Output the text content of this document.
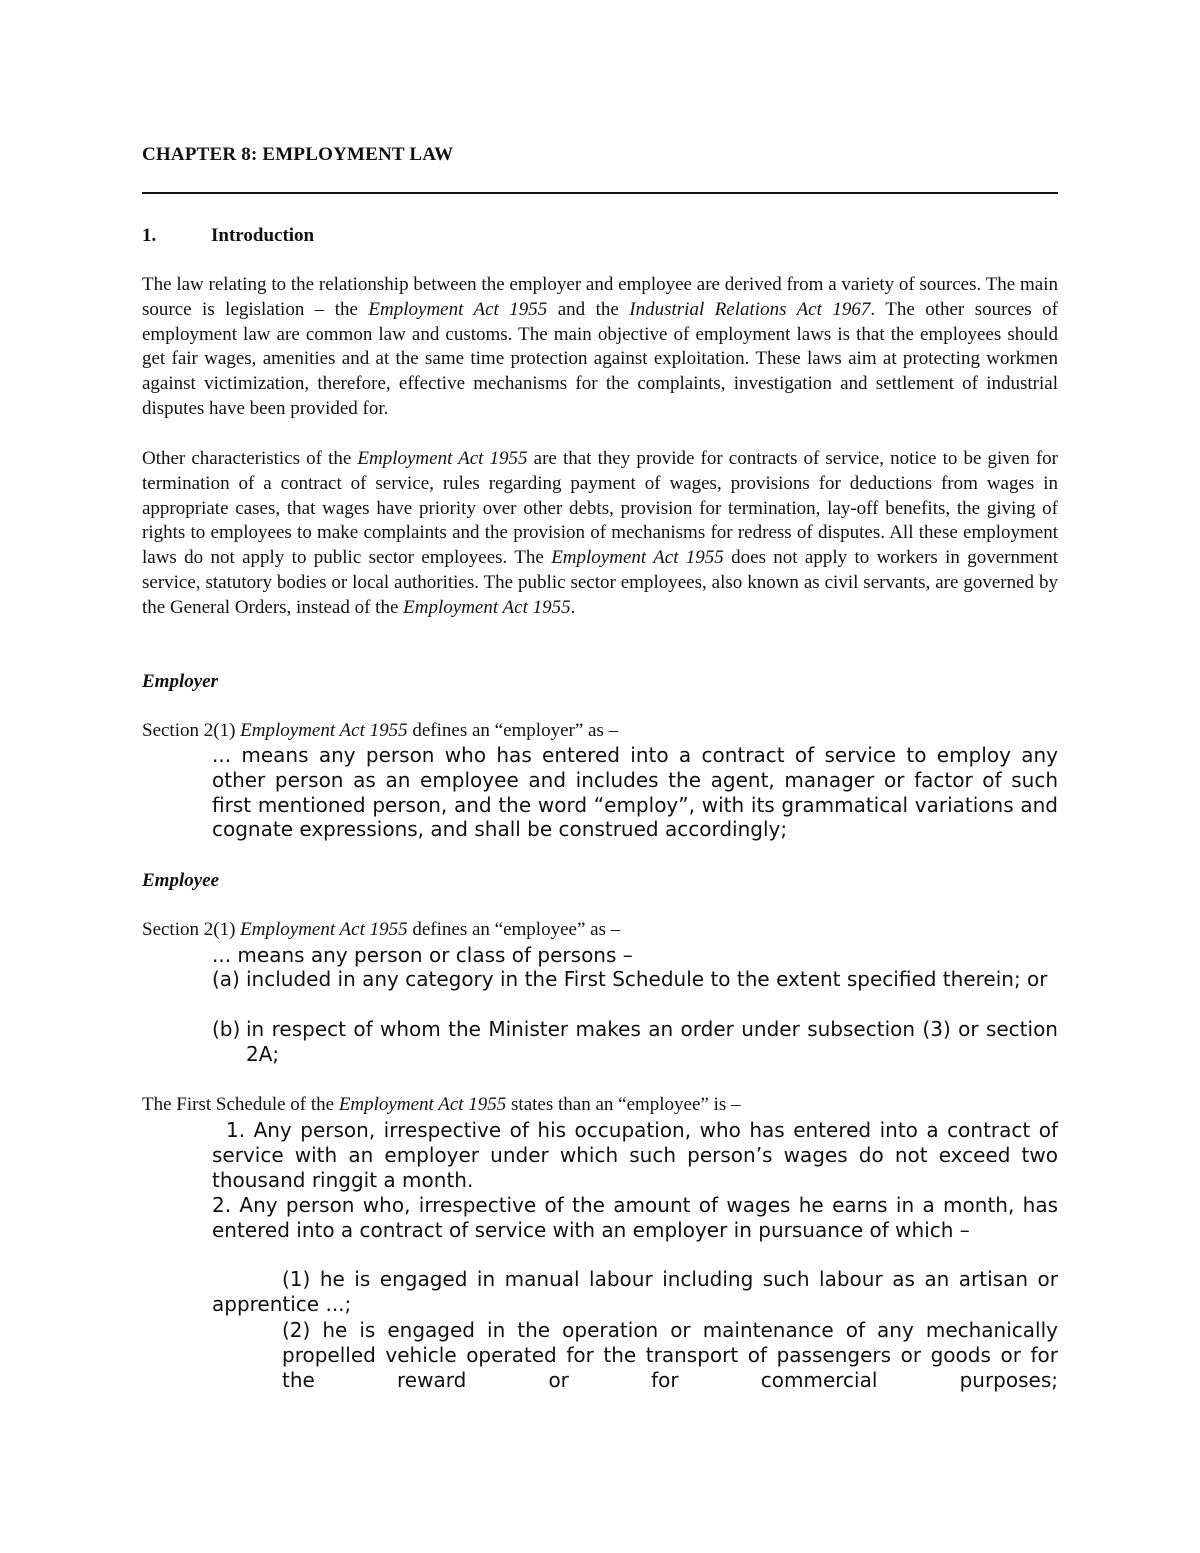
CHAPTER 8: EMPLOYMENT LAW
1.	Introduction

The law relating to the relationship between the employer and employee are derived from a variety of sources. The main source is legislation – the Employment Act 1955 and the Industrial Relations Act 1967. The other sources of employment law are common law and customs. The main objective of employment laws is that the employees should get fair wages, amenities and at the same time protection against exploitation. These laws aim at protecting workmen against victimization, therefore, effective mechanisms for the complaints, investigation and settlement of industrial disputes have been provided for.

Other characteristics of the Employment Act 1955 are that they provide for contracts of service, notice to be given for termination of a contract of service, rules regarding payment of wages, provisions for deductions from wages in appropriate cases, that wages have priority over other debts, provision for termination, lay-off benefits, the giving of rights to employees to make complaints and the provision of mechanisms for redress of disputes. All these employment laws do not apply to public sector employees. The Employment Act 1955 does not apply to workers in government service, statutory bodies or local authorities. The public sector employees, also known as civil servants, are governed by the General Orders, instead of the Employment Act 1955.

Employer

Section 2(1) Employment Act 1955 defines an “employer” as –

... means any person who has entered into a contract of service to employ any other person as an employee and includes the agent, manager or factor of such first mentioned person, and the word “employ”, with its grammatical variations and cognate expressions, and shall be construed accordingly;

Employee

Section 2(1) Employment Act 1955 defines an “employee” as –

... means any person or class of persons –

(a) included in any category in the First Schedule to the extent specified therein; or
(b) in respect of whom the Minister makes an order under subsection (3) or section 2A;

The First Schedule of the Employment Act 1955 states than an “employee” is –

1. Any person, irrespective of his occupation, who has entered into a contract of service with an employer under which such person’s wages do not exceed two thousand ringgit a month.

2. Any person who, irrespective of the amount of wages he earns in a month, has entered into a contract of service with an employer in pursuance of which –

(1) he is engaged in manual labour including such labour as an artisan or apprentice ...;

(2) he is engaged in the operation or maintenance of any mechanically propelled vehicle operated for the transport of passengers or goods or for the reward or for commercial purposes;
